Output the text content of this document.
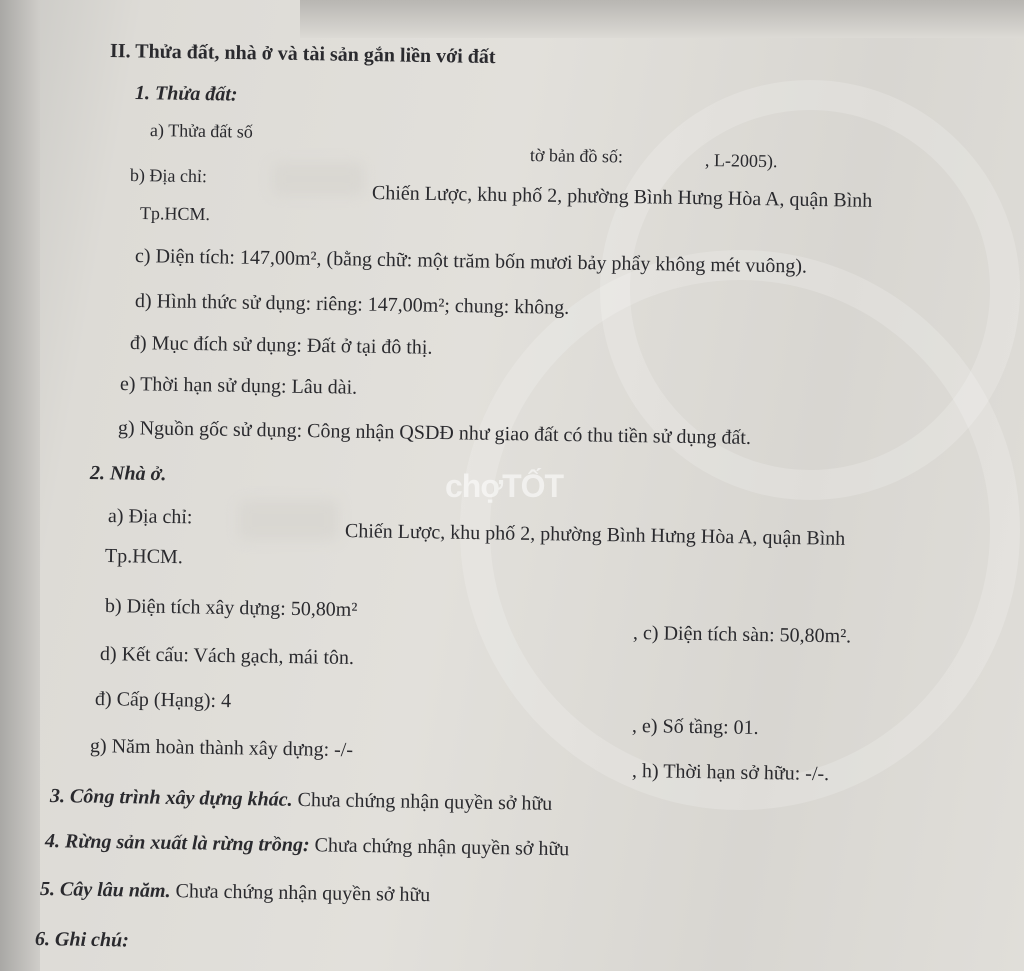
chợTỐT
II. Thửa đất, nhà ở và tài sản gắn liền với đất
1. Thửa đất:
a) Thửa đất số
tờ bản đồ số:	, L-2005).
b) Địa chỉ:
Chiến Lược, khu phố 2, phường Bình Hưng Hòa A, quận Bình
Tp.HCM.
c) Diện tích: 147,00m², (bằng chữ: một trăm bốn mươi bảy phẩy không mét vuông).
d) Hình thức sử dụng: riêng: 147,00m²; chung: không.
đ) Mục đích sử dụng: Đất ở tại đô thị.
e) Thời hạn sử dụng: Lâu dài.
g) Nguồn gốc sử dụng: Công nhận QSDĐ như giao đất có thu tiền sử dụng đất.
2. Nhà ở.
a) Địa chỉ:
Chiến Lược, khu phố 2, phường Bình Hưng Hòa A, quận Bình
Tp.HCM.
b) Diện tích xây dựng: 50,80m²
, c) Diện tích sàn: 50,80m².
d) Kết cấu: Vách gạch, mái tôn.
đ) Cấp (Hạng): 4
, e) Số tầng: 01.
g) Năm hoàn thành xây dựng: -/-
, h) Thời hạn sở hữu: -/-.
3. Công trình xây dựng khác. Chưa chứng nhận quyền sở hữu
4. Rừng sản xuất là rừng trồng: Chưa chứng nhận quyền sở hữu
5. Cây lâu năm. Chưa chứng nhận quyền sở hữu
6. Ghi chú:
